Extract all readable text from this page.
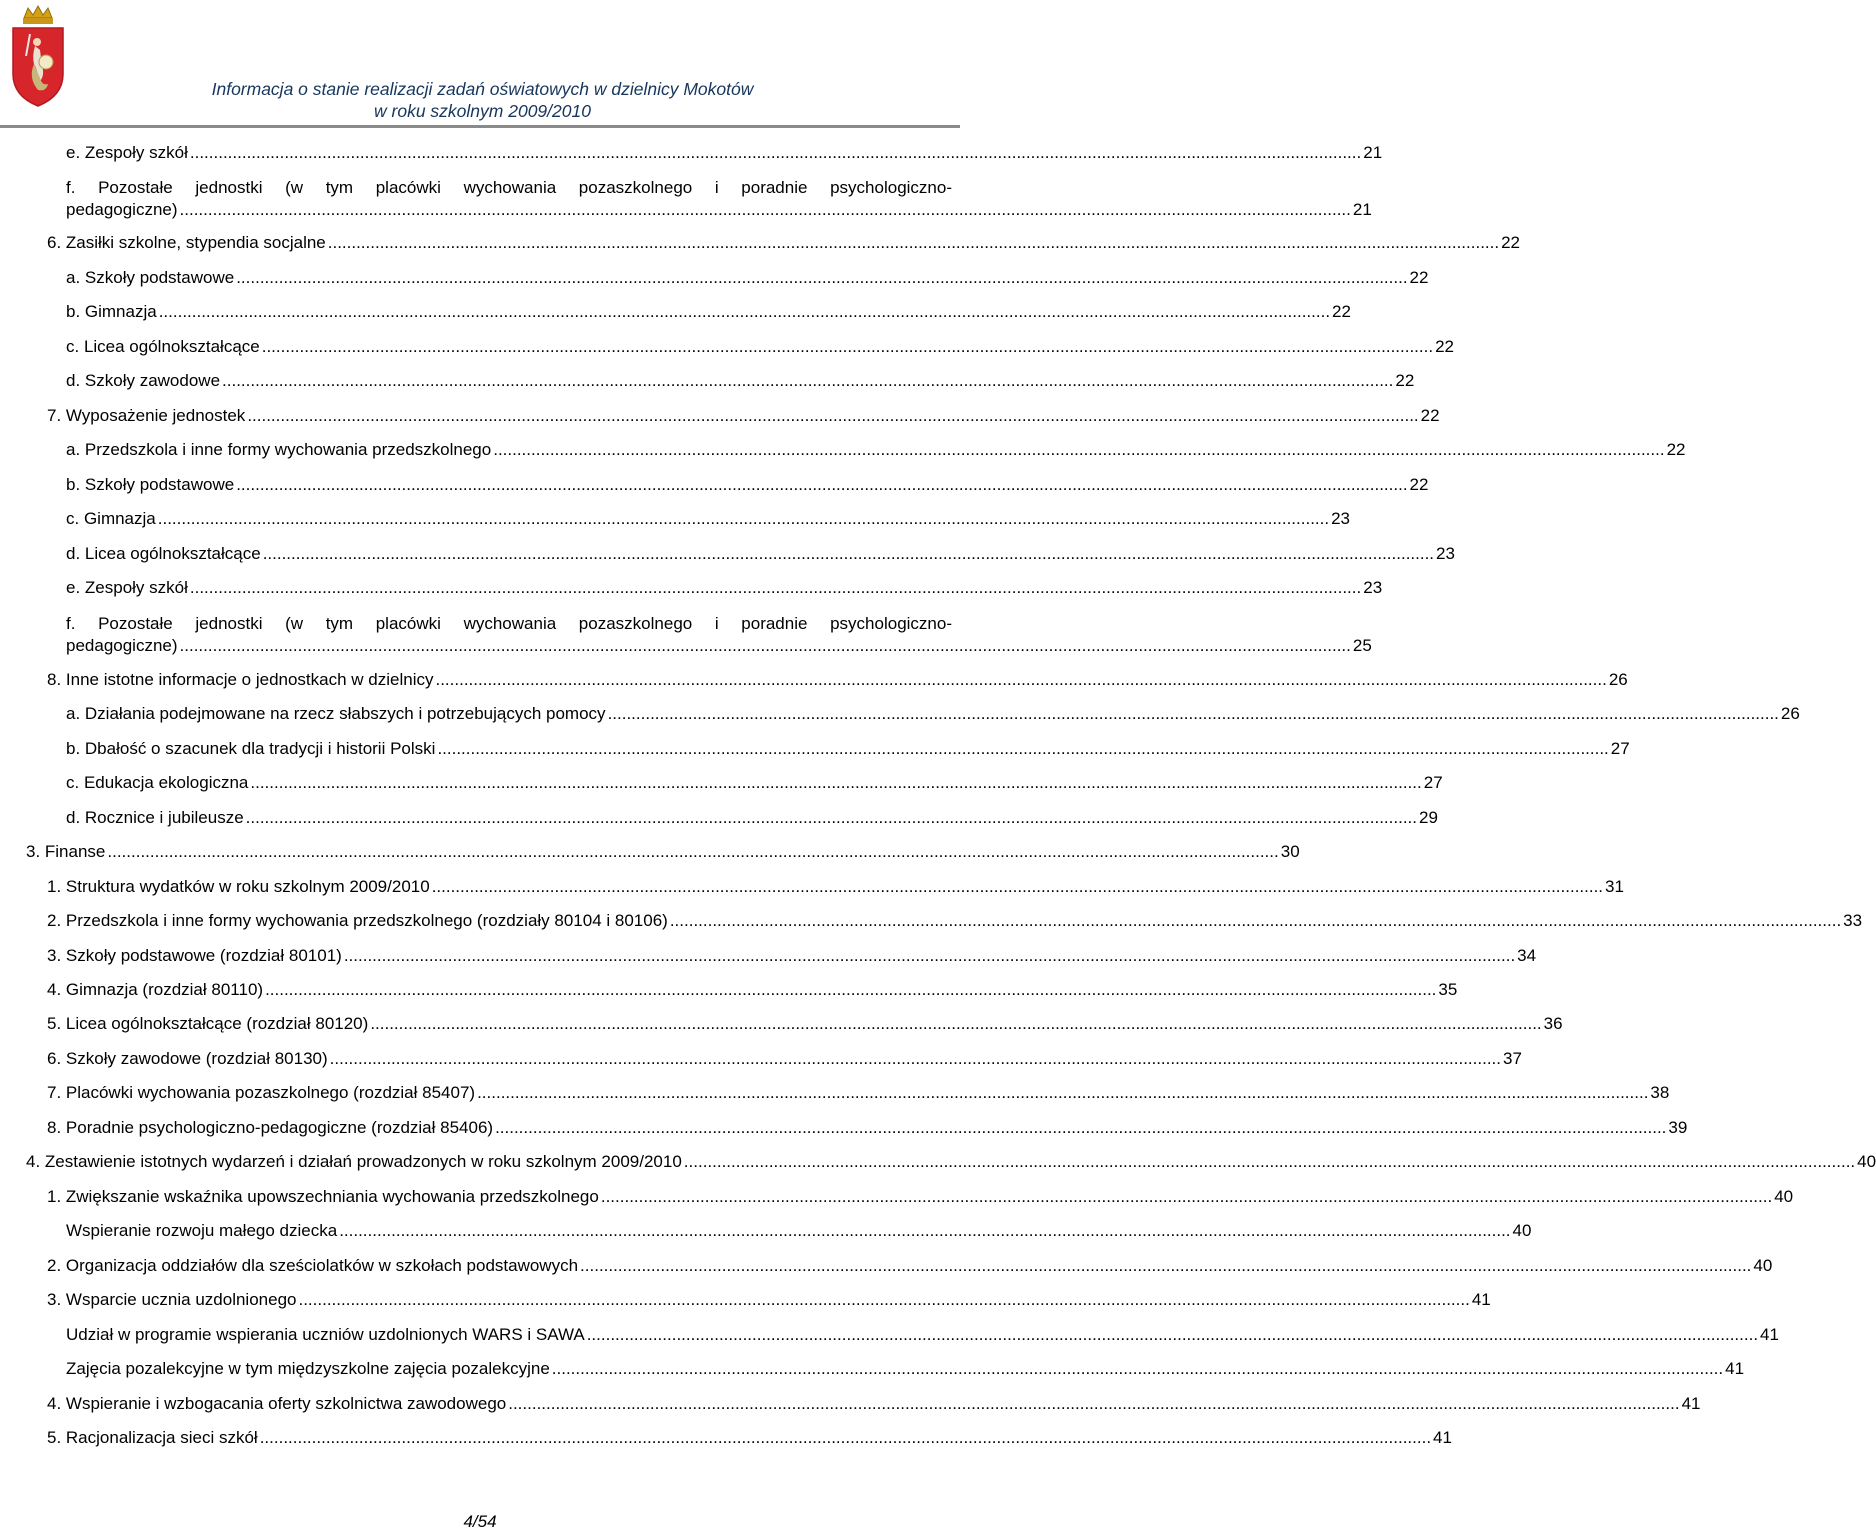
Informacja o stanie realizacji zadań oświatowych w dzielnicy Mokotów
w roku szkolnym 2009/2010
e. Zespoły szkół .....	21
f. Pozostałe jednostki (w tym placówki wychowania pozaszkolnego i poradnie psychologiczno-
pedagogiczne) .....	21
6. Zasiłki szkolne, stypendia socjalne .....	22
a. Szkoły podstawowe .....	22
b. Gimnazja .....	22
c. Licea ogólnokształcące .....	22
d. Szkoły zawodowe .....	22
7. Wyposażenie jednostek .....	22
a. Przedszkola i inne formy wychowania przedszkolnego .....	22
b. Szkoły podstawowe .....	22
c. Gimnazja .....	23
d. Licea ogólnokształcące .....	23
e. Zespoły szkół .....	23
f. Pozostałe jednostki (w tym placówki wychowania pozaszkolnego i poradnie psychologiczno-
pedagogiczne) .....	25
8. Inne istotne informacje o jednostkach w dzielnicy .....	26
a. Działania podejmowane na rzecz słabszych i potrzebujących pomocy .....	26
b. Dbałość o szacunek dla tradycji i historii Polski .....	27
c. Edukacja ekologiczna .....	27
d. Rocznice i jubileusze .....	29
3. Finanse .....	30
1. Struktura wydatków w roku szkolnym 2009/2010 .....	31
2. Przedszkola i inne formy wychowania przedszkolnego (rozdziały 80104 i 80106) .....	33
3. Szkoły podstawowe (rozdział 80101) .....	34
4. Gimnazja (rozdział 80110) .....	35
5. Licea ogólnokształcące (rozdział 80120) .....	36
6. Szkoły zawodowe (rozdział 80130) .....	37
7. Placówki wychowania pozaszkolnego (rozdział 85407) .....	38
8. Poradnie psychologiczno-pedagogiczne (rozdział 85406) .....	39
4. Zestawienie istotnych wydarzeń i działań prowadzonych w roku szkolnym 2009/2010 .....	40
1. Zwiększanie wskaźnika upowszechniania wychowania przedszkolnego .....	40
Wspieranie rozwoju małego dziecka .....	40
2. Organizacja oddziałów dla sześciolatków w szkołach podstawowych .....	40
3. Wsparcie ucznia uzdolnionego .....	41
Udział w programie wspierania uczniów uzdolnionych WARS i SAWA .....	41
Zajęcia pozalekcyjne w tym międzyszkolne zajęcia pozalekcyjne .....	41
4. Wspieranie i wzbogacania oferty szkolnictwa zawodowego .....	41
5. Racjonalizacja sieci szkół .....	41
4/54
